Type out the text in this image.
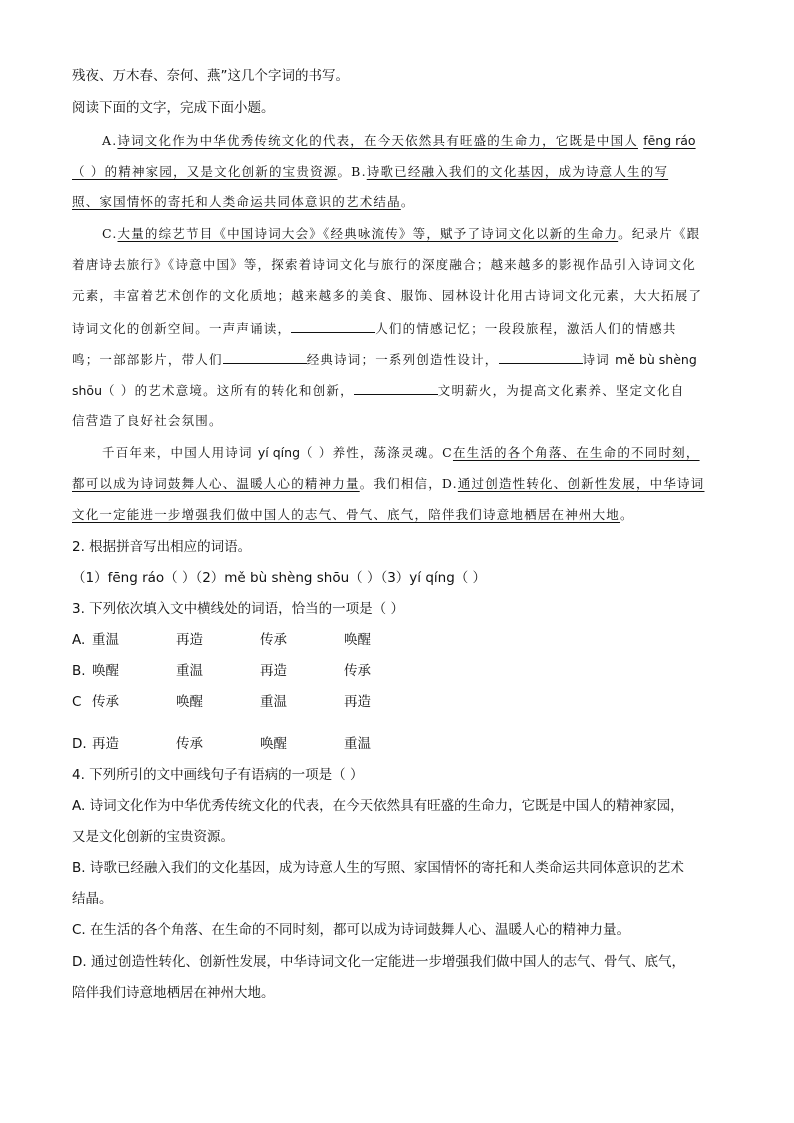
残夜、万木春、奈何、燕”这几个字词的书写。
阅读下面的文字，完成下面小题。
A.诗词文化作为中华优秀传统文化的代表，在今天依然具有旺盛的生命力，它既是中国人 fēng ráo
（ ）的精神家园，又是文化创新的宝贵资源。B.诗歌已经融入我们的文化基因，成为诗意人生的写
照、家国情怀的寄托和人类命运共同体意识的艺术结晶。
C.大量的综艺节目《中国诗词大会》《经典咏流传》等，赋予了诗词文化以新的生命力。纪录片《跟
着唐诗去旅行》《诗意中国》等，探索着诗词文化与旅行的深度融合；越来越多的影视作品引入诗词文化
元素，丰富着艺术创作的文化质地；越来越多的美食、服饰、园林设计化用古诗词文化元素，大大拓展了
诗词文化的创新空间。一声声诵读，	人们的情感记忆；一段段旅程，激活人们的情感共
鸣；一部部影片，带人们	经典诗词；一系列创造性设计，	诗词 mě bù shèng
shōu（ ）的艺术意境。这所有的转化和创新，	文明薪火，为提高文化素养、坚定文化自
信营造了良好社会氛围。
千百年来，中国人用诗词 yí qíng（ ）养性，荡涤灵魂。C在生活的各个角落、在生命的不同时刻，
都可以成为诗词鼓舞人心、温暖人心的精神力量。我们相信，D.通过创造性转化、创新性发展，中华诗词
文化一定能进一步增强我们做中国人的志气、骨气、底气，陪伴我们诗意地栖居在神州大地。
2. 根据拼音写出相应的词语。
（1）fēng ráo（ ）（2）mě bù shèng shōu（ ）（3）yí qíng（ ）
3. 下列依次填入文中横线处的词语，恰当的一项是（ ）
A. 重温	再造	传承	唤醒
B. 唤醒	重温	再造	传承
C 传承	唤醒	重温	再造
D. 再造	传承	唤醒	重温
4. 下列所引的文中画线句子有语病的一项是（ ）
A. 诗词文化作为中华优秀传统文化的代表，在今天依然具有旺盛的生命力，它既是中国人的精神家园，
又是文化创新的宝贵资源。
B. 诗歌已经融入我们的文化基因，成为诗意人生的写照、家国情怀的寄托和人类命运共同体意识的艺术
结晶。
C. 在生活的各个角落、在生命的不同时刻，都可以成为诗词鼓舞人心、温暖人心的精神力量。
D. 通过创造性转化、创新性发展，中华诗词文化一定能进一步增强我们做中国人的志气、骨气、底气，
陪伴我们诗意地栖居在神州大地。
